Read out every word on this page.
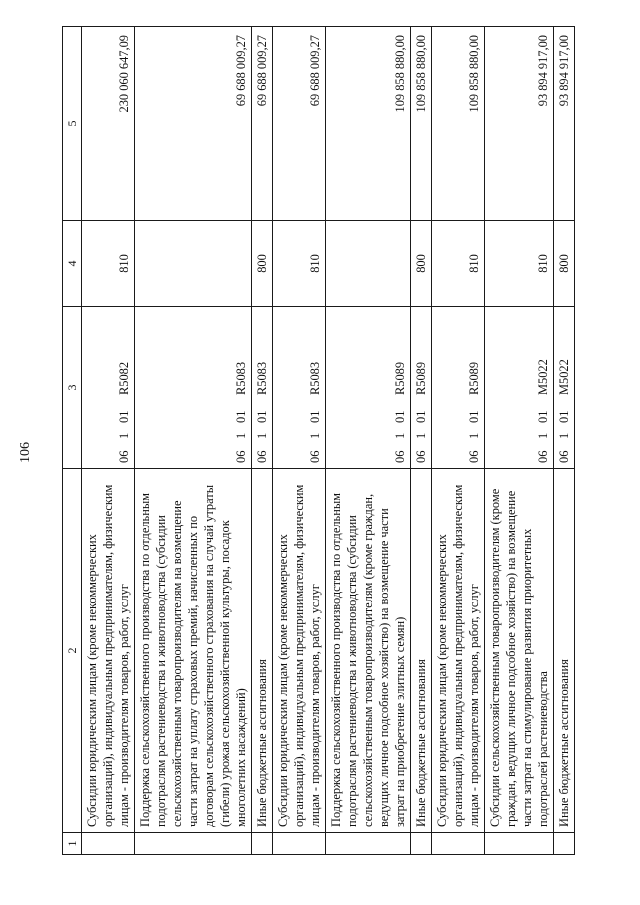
106
1	2	3	4	5
	Субсидии юридическим лицам (кроме некоммерческих организаций), индивидуальным предпринимателям, физическим лицам - производителям товаров, работ, услуг	06101R5082	810	230 060 647,09
	Поддержка сельскохозяйственного производства по отдельным подотраслям растениеводства и животноводства (субсидии сельскохозяйственным товаропроизводителям на возмещение части затрат на уплату страховых премий, начисленных по договорам сельскохозяйственного страхования на случай утраты (гибели) урожая сельскохозяйственной культуры, посадок многолетних насаждений)	06101R5083		69 688 009,27
	Иные бюджетные ассигнования	06101R5083	800	69 688 009,27
	Субсидии юридическим лицам (кроме некоммерческих организаций), индивидуальным предпринимателям, физическим лицам - производителям товаров, работ, услуг	06101R5083	810	69 688 009,27
	Поддержка сельскохозяйственного производства по отдельным подотраслям растениеводства и животноводства (субсидии сельскохозяйственным товаропроизводителям (кроме граждан, ведущих личное подсобное хозяйство) на возмещение части затрат на приобретение элитных семян)	06101R5089		109 858 880,00
	Иные бюджетные ассигнования	06101R5089	800	109 858 880,00
	Субсидии юридическим лицам (кроме некоммерческих организаций), индивидуальным предпринимателям, физическим лицам - производителям товаров, работ, услуг	06101R5089	810	109 858 880,00
	Субсидии сельскохозяйственным товаропроизводителям (кроме граждан, ведущих личное подсобное хозяйство) на возмещение части затрат на стимулирование развития приоритетных подотраслей растениеводства	06101M5022	810	93 894 917,00
	Иные бюджетные ассигнования	06101M5022	800	93 894 917,00
